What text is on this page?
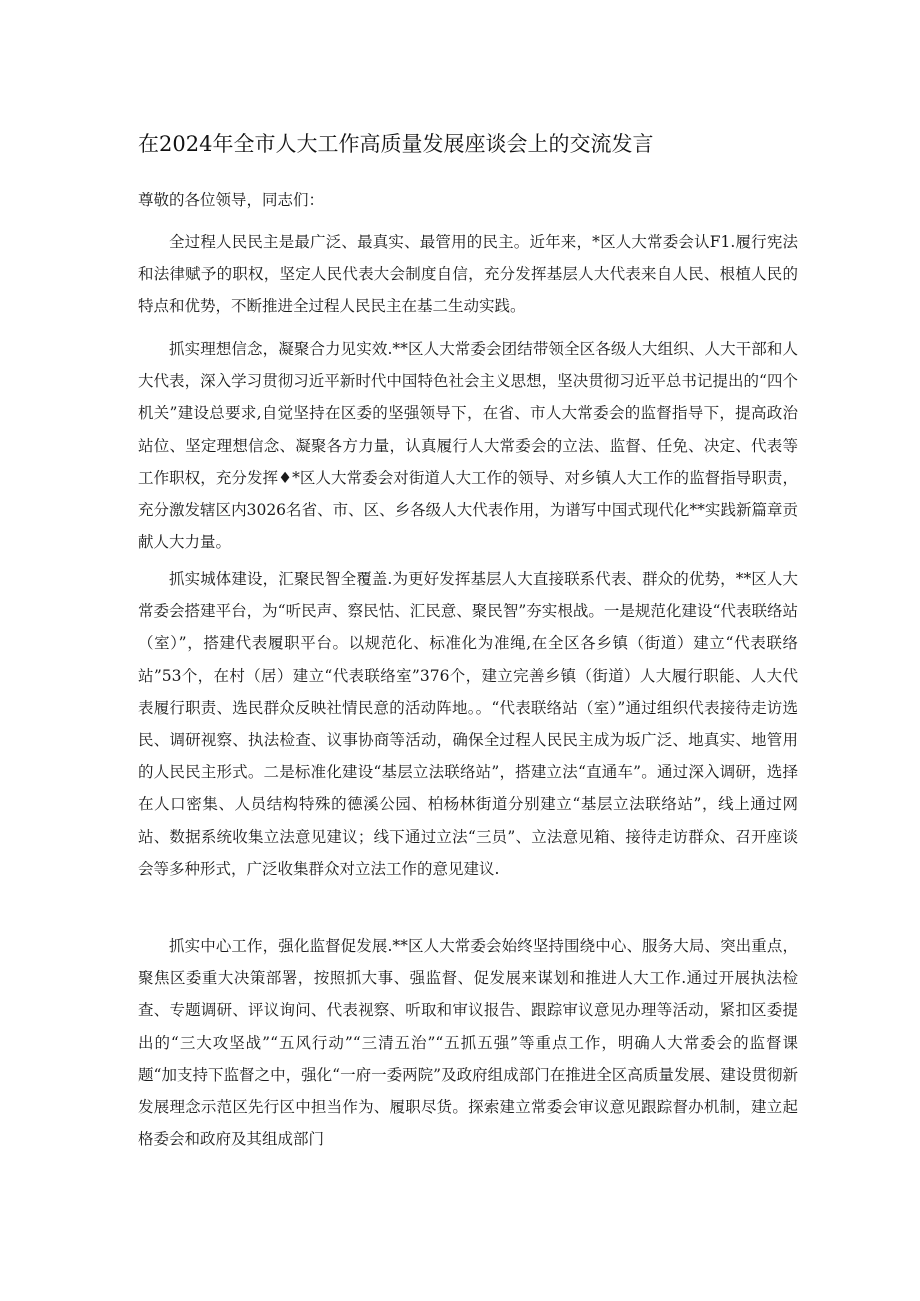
在2024年全市人大工作高质量发展座谈会上的交流发言
尊敬的各位领导，同志们：

全过程人民民主是最广泛、最真实、最管用的民主。近年来，*区人大常委会认F1.履行宪法和法律赋予的职权，坚定人民代表大会制度自信，充分发挥基层人大代表来自人民、根植人民的特点和优势，不断推进全过程人民民主在基二生动实践。

抓实理想信念，凝聚合力见实效.**区人大常委会团结带领全区各级人大组织、人大干部和人大代表，深入学习贯彻习近平新时代中国特色社会主义思想，坚决贯彻习近平总书记提出的“四个机关”建设总要求,自觉坚持在区委的坚强领导下，在省、市人大常委会的监督指导下，提高政治站位、坚定理想信念、凝聚各方力量，认真履行人大常委会的立法、监督、任免、决定、代表等工作职权，充分发挥♦*区人大常委会对街道人大工作的领导、对乡镇人大工作的监督指导职责，充分激发辖区内3026名省、市、区、乡各级人大代表作用，为谱写中国式现代化**实践新篇章贡献人大力量。

抓实城体建设，汇聚民智全覆盖.为更好发挥基层人大直接联系代表、群众的优势，**区人大常委会搭建平台，为“听民声、察民怙、汇民意、聚民智”夯实根战。一是规范化建设“代表联络站（室）”，搭建代表履职平台。以规范化、标准化为准绳,在全区各乡镇（街道）建立“代表联络站”53个，在村（居）建立“代表联络室”376个，建立完善乡镇（街道）人大履行职能、人大代表履行职责、选民群众反映社情民意的活动阵地。。“代表联络站（室）”通过组织代表接待走访选民、调研视察、执法检查、议事协商等活动，确保全过程人民民主成为坂广泛、地真实、地管用的人民民主形式。二是标准化建设“基层立法联络站”，搭建立法“直通车”。通过深入调研，选择在人口密集、人员结构特殊的德溪公园、柏杨林街道分别建立“基层立法联络站”，线上通过网站、数据系统收集立法意见建议；线下通过立法“三员”、立法意见箱、接待走访群众、召开座谈会等多种形式，广泛收集群众对立法工作的意见建议.

抓实中心工作，强化监督促发展.**区人大常委会始终坚持围绕中心、服务大局、突出重点，聚焦区委重大决策部署，按照抓大事、强监督、促发展来谋划和推进人大工作.通过开展执法检查、专题调研、评议询问、代表视察、听取和审议报告、跟踪审议意见办理等活动，紧扣区委提出的“三大攻坚战”“五风行动”“三清五治”“五抓五强”等重点工作，明确人大常委会的监督课题“加支持下监督之中，强化“一府一委两院”及政府组成部门在推进全区高质量发展、建设贯彻新发展理念示范区先行区中担当作为、履职尽货。探索建立常委会审议意见跟踪督办机制，建立起格委会和政府及其组成部门
